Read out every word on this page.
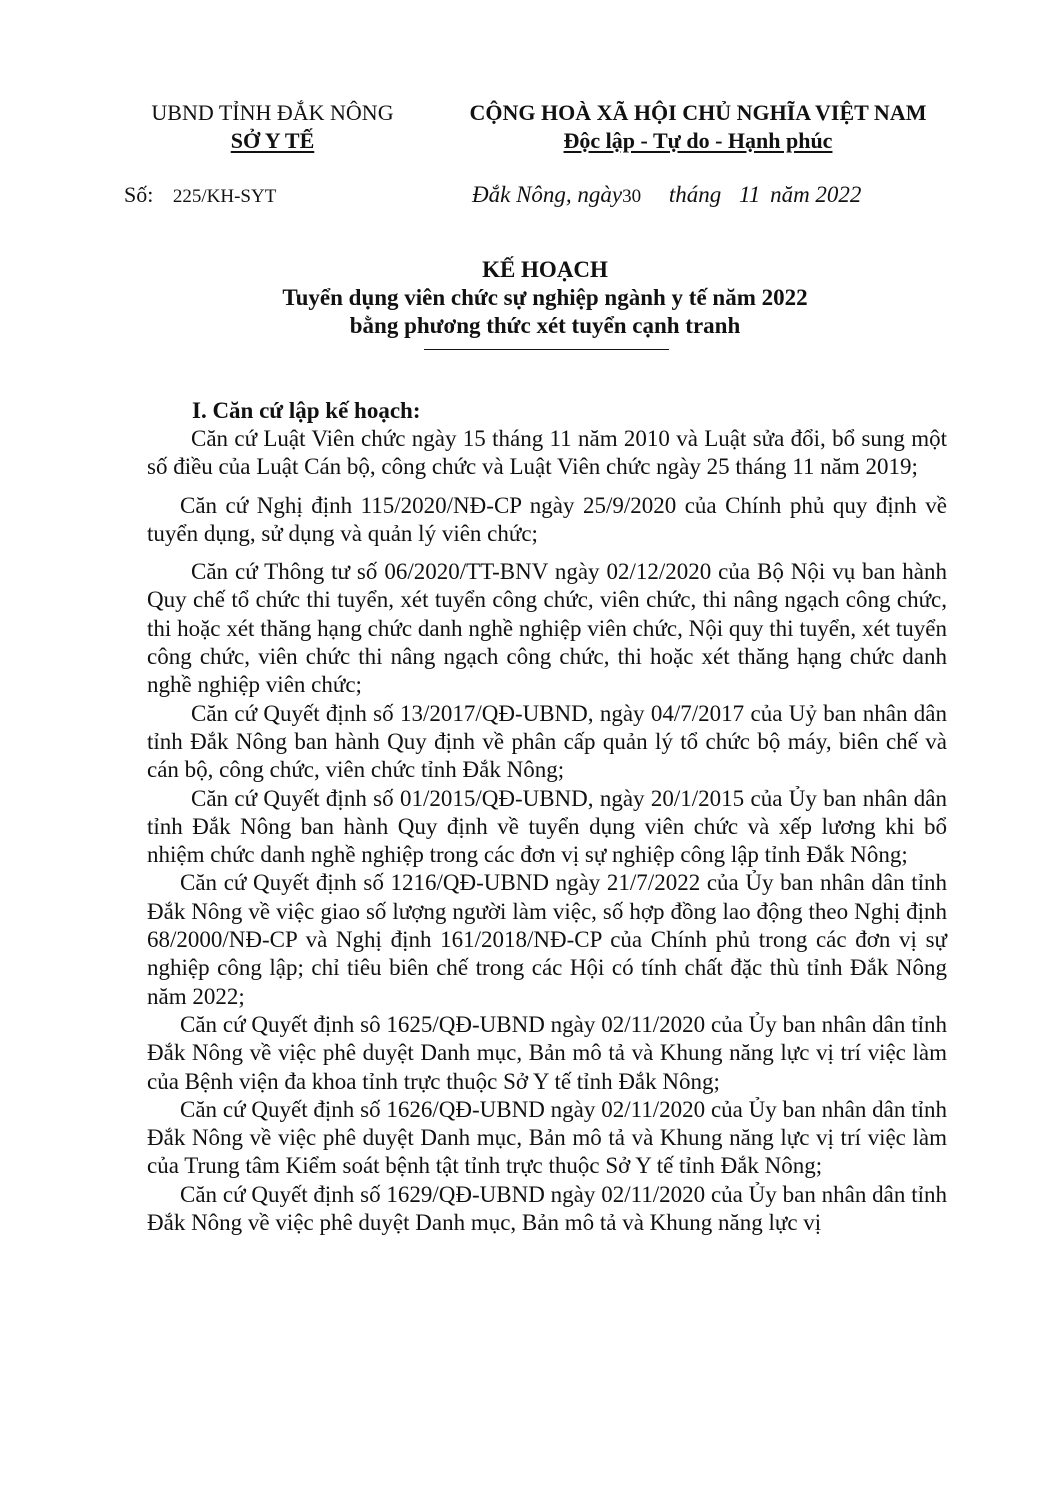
UBND TỈNH ĐẮK NÔNG
SỞ Y TẾ
CỘNG HOÀ XÃ HỘI CHỦ NGHĨA VIỆT NAM
Độc lập - Tự do - Hạnh phúc
Số: 225/KH-SYT	Đắk Nông, ngày30 tháng 11 năm 2022
KẾ HOẠCH
Tuyển dụng viên chức sự nghiệp ngành y tế năm 2022
bằng phương thức xét tuyển cạnh tranh
I. Căn cứ lập kế hoạch:

Căn cứ Luật Viên chức ngày 15 tháng 11 năm 2010 và Luật sửa đổi, bổ sung một số điều của Luật Cán bộ, công chức và Luật Viên chức ngày 25 tháng 11 năm 2019;

Căn cứ Nghị định 115/2020/NĐ-CP ngày 25/9/2020 của Chính phủ quy định về tuyển dụng, sử dụng và quản lý viên chức;

Căn cứ Thông tư số 06/2020/TT-BNV ngày 02/12/2020 của Bộ Nội vụ ban hành Quy chế tổ chức thi tuyển, xét tuyển công chức, viên chức, thi nâng ngạch công chức, thi hoặc xét thăng hạng chức danh nghề nghiệp viên chức, Nội quy thi tuyển, xét tuyển công chức, viên chức thi nâng ngạch công chức, thi hoặc xét thăng hạng chức danh nghề nghiệp viên chức;

Căn cứ Quyết định số 13/2017/QĐ-UBND, ngày 04/7/2017 của Uỷ ban nhân dân tỉnh Đắk Nông ban hành Quy định về phân cấp quản lý tổ chức bộ máy, biên chế và cán bộ, công chức, viên chức tỉnh Đắk Nông;

Căn cứ Quyết định số 01/2015/QĐ-UBND, ngày 20/1/2015 của Ủy ban nhân dân tỉnh Đắk Nông ban hành Quy định về tuyển dụng viên chức và xếp lương khi bổ nhiệm chức danh nghề nghiệp trong các đơn vị sự nghiệp công lập tỉnh Đắk Nông;

Căn cứ Quyết định số 1216/QĐ-UBND ngày 21/7/2022 của Ủy ban nhân dân tỉnh Đắk Nông về việc giao số lượng người làm việc, số hợp đồng lao động theo Nghị định 68/2000/NĐ-CP và Nghị định 161/2018/NĐ-CP của Chính phủ trong các đơn vị sự nghiệp công lập; chỉ tiêu biên chế trong các Hội có tính chất đặc thù tỉnh Đắk Nông năm 2022;

Căn cứ Quyết định sô 1625/QĐ-UBND ngày 02/11/2020 của Ủy ban nhân dân tỉnh Đắk Nông về việc phê duyệt Danh mục, Bản mô tả và Khung năng lực vị trí việc làm của Bệnh viện đa khoa tỉnh trực thuộc Sở Y tế tỉnh Đắk Nông;

Căn cứ Quyết định số 1626/QĐ-UBND ngày 02/11/2020 của Ủy ban nhân dân tỉnh Đắk Nông về việc phê duyệt Danh mục, Bản mô tả và Khung năng lực vị trí việc làm của Trung tâm Kiểm soát bệnh tật tỉnh trực thuộc Sở Y tế tỉnh Đắk Nông;

Căn cứ Quyết định số 1629/QĐ-UBND ngày 02/11/2020 của Ủy ban nhân dân tỉnh Đắk Nông về việc phê duyệt Danh mục, Bản mô tả và Khung năng lực vị
